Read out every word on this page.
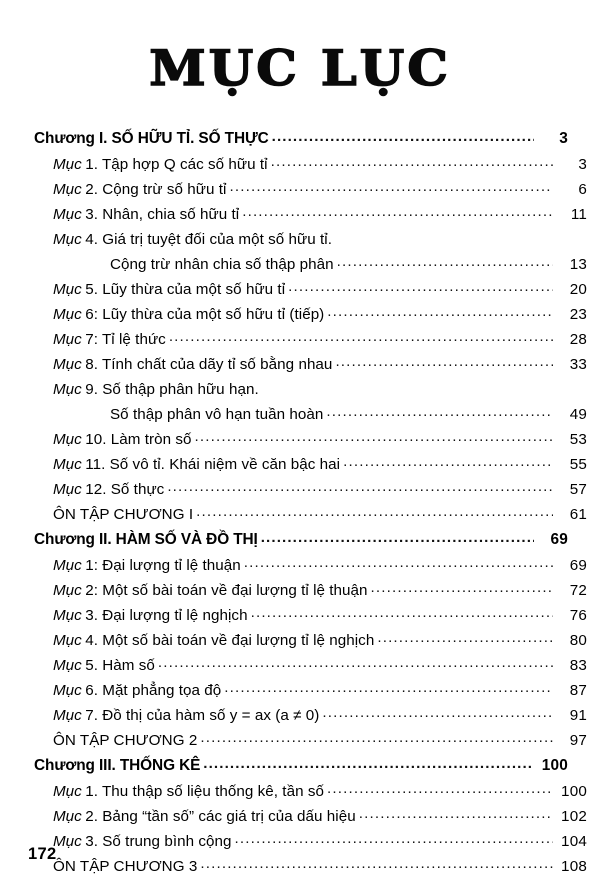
MỤC LỤC
Chương I. SỐ HỮU TỈ. SỐ THỰC .....	3
Mục 1. Tập hợp Q các số hữu tỉ .....	3
Mục 2. Cộng trừ số hữu tỉ .....	6
Mục 3. Nhân, chia số hữu tỉ .....	11
Mục 4. Giá trị tuyệt đối của một số hữu tỉ.
Cộng trừ nhân chia số thập phân .....	13
Mục 5. Lũy thừa của một số hữu tỉ .....	20
Mục 6: Lũy thừa của một số hữu tỉ (tiếp) .....	23
Mục 7: Tỉ lệ thức .....	28
Mục 8. Tính chất của dãy tỉ số bằng nhau .....	33
Mục 9. Số thập phân hữu hạn.
Số thập phân vô hạn tuần hoàn .....	49
Mục 10. Làm tròn số .....	53
Mục 11. Số vô tỉ. Khái niệm về căn bậc hai .....	55
Mục 12. Số thực .....	57
ÔN TẬP CHƯƠNG I .....	61
Chương II. HÀM SỐ VÀ ĐỒ THỊ .....	69
Mục 1: Đại lượng tỉ lệ thuận .....	69
Mục 2: Một số bài toán về đại lượng tỉ lệ thuận .....	72
Mục 3. Đại lượng tỉ lệ nghịch .....	76
Mục 4. Một số bài toán về đại lượng tỉ lệ nghịch .....	80
Mục 5. Hàm số .....	83
Mục 6. Mặt phẳng tọa độ .....	87
Mục 7. Đồ thị của hàm số y = ax (a ≠ 0) .....	91
ÔN TẬP CHƯƠNG 2 .....	97
Chương III. THỐNG KÊ .....	100
Mục 1. Thu thập số liệu thống kê, tần số .....	100
Mục 2. Bảng “tần số” các giá trị của dấu hiệu .....	102
Mục 3. Số trung bình cộng .....	104
ÔN TẬP CHƯƠNG 3 .....	108
172
